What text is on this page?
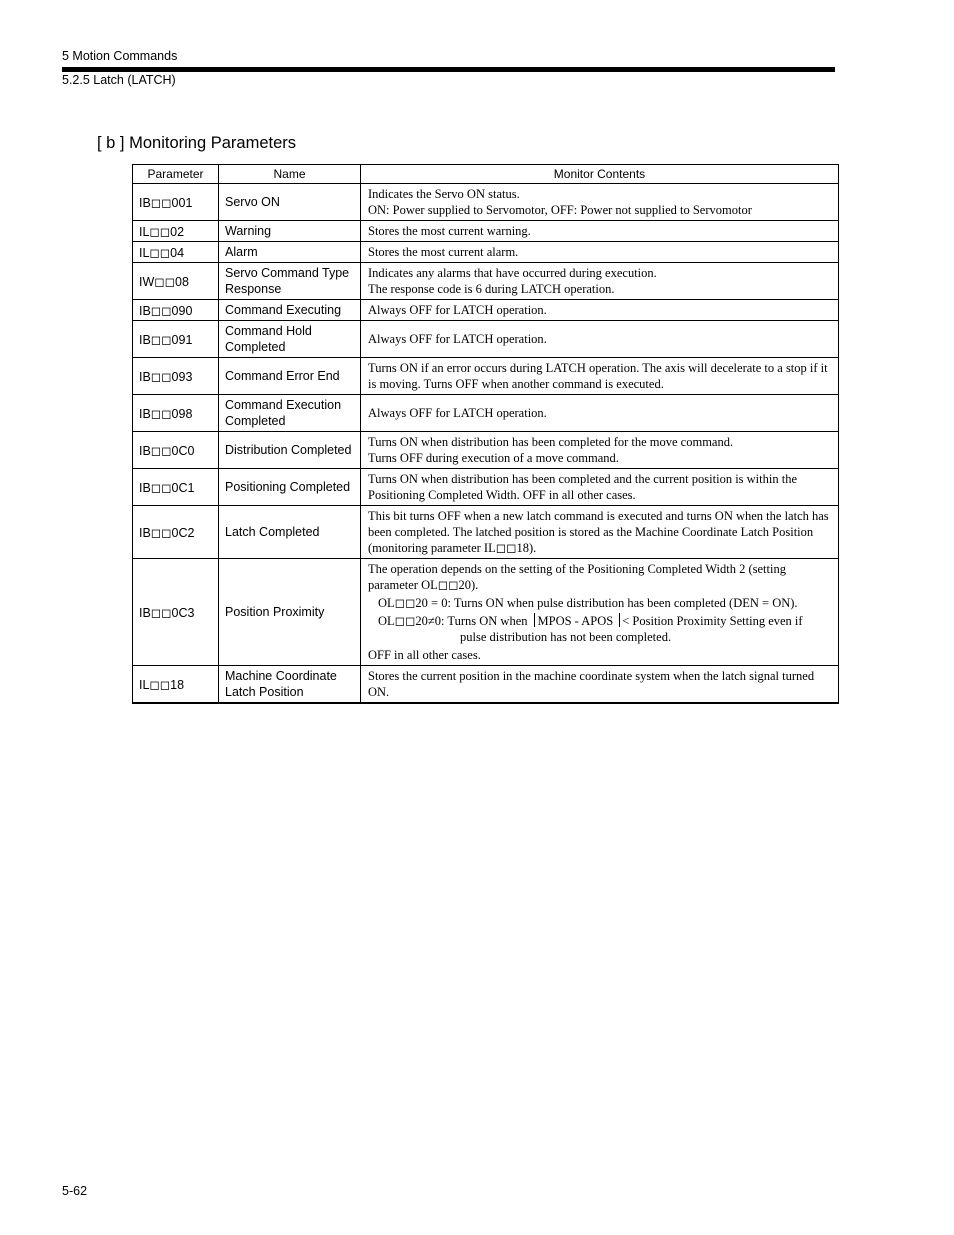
5 Motion Commands
5.2.5 Latch (LATCH)
[ b ] Monitoring Parameters
Parameter	Name	Monitor Contents
IB◻◻001	Servo ON	Indicates the Servo ON status.
ON: Power supplied to Servomotor, OFF: Power not supplied to Servomotor

IL◻◻02	Warning	Stores the most current warning.

IL◻◻04	Alarm	Stores the most current alarm.

IW◻◻08	Servo Command Type Response	Indicates any alarms that have occurred during execution.
The response code is 6 during LATCH operation.

IB◻◻090	Command Executing	Always OFF for LATCH operation.

IB◻◻091	Command Hold Completed	Always OFF for LATCH operation.

IB◻◻093	Command Error End	Turns ON if an error occurs during LATCH operation. The axis will decelerate to a stop if it is moving. Turns OFF when another command is executed.

IB◻◻098	Command Execution Completed	Always OFF for LATCH operation.

IB◻◻0C0	Distribution Completed	Turns ON when distribution has been completed for the move command.
Turns OFF during execution of a move command.

IB◻◻0C1	Positioning Completed	Turns ON when distribution has been completed and the current position is within the Positioning Completed Width. OFF in all other cases.

IB◻◻0C2	Latch Completed	This bit turns OFF when a new latch command is executed and turns ON when the latch has been completed. The latched position is stored as the Machine Coordinate Latch Position (monitoring parameter IL◻◻18).

IB◻◻0C3	Position Proximity	The operation depends on the setting of the Positioning Completed Width 2 (setting parameter OL◻◻20).
OL◻◻20 = 0: Turns ON when pulse distribution has been completed (DEN = ON).
OL◻◻20≠0: Turns ON when MPOS - APOS < Position Proximity Setting even if
pulse distribution has not been completed.
OFF in all other cases.

IL◻◻18	Machine Coordinate Latch Position	Stores the current position in the machine coordinate system when the latch signal turned ON.
5-62
